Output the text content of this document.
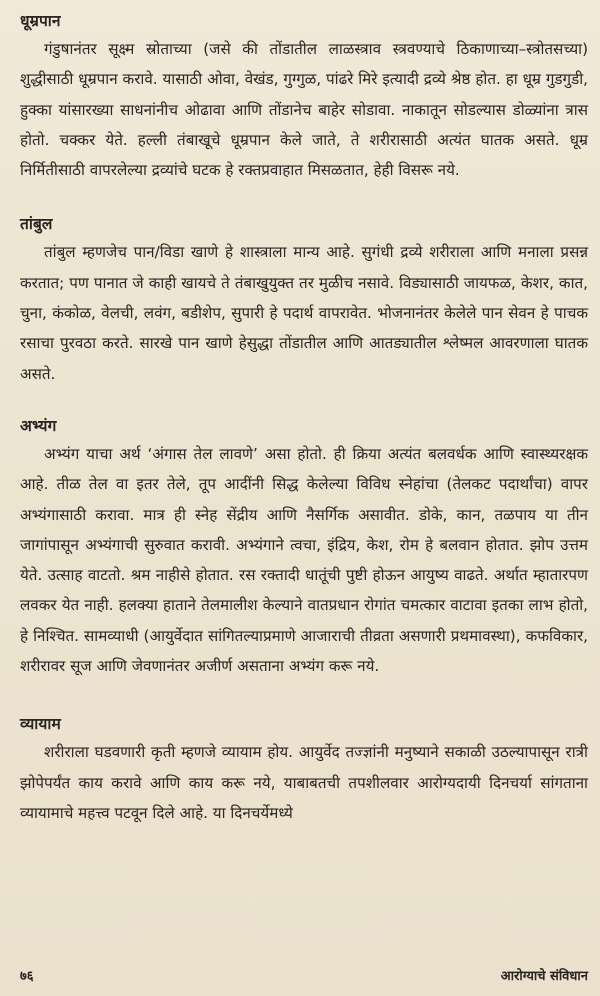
धूम्रपान

गंडुषानंतर सूक्ष्म स्रोताच्या (जसे की तोंडातील लाळस्त्राव स्त्रवण्याचे ठिकाणाच्या–स्त्रोतसच्या) शुद्धीसाठी धूम्रपान करावे. यासाठी ओवा, वेखंड, गुग्गुळ, पांढरे मिरे इत्यादी द्रव्ये श्रेष्ठ होत. हा धूम्र गुडगुडी, हुक्का यांसारख्या साधनांनीच ओढावा आणि तोंडानेच बाहेर सोडावा. नाकातून सोडल्यास डोळ्यांना त्रास होतो. चक्कर येते. हल्ली तंबाखूचे धूम्रपान केले जाते, ते शरीरासाठी अत्यंत घातक असते. धूम्र निर्मितीसाठी वापरलेल्या द्रव्यांचे घटक हे रक्तप्रवाहात मिसळतात, हेही विसरू नये.

तांबुल

तांबुल म्हणजेच पान/विडा खाणे हे शास्त्राला मान्य आहे. सुगंधी द्रव्ये शरीराला आणि मनाला प्रसन्न करतात; पण पानात जे काही खायचे ते तंबाखुयुक्त तर मुळीच नसावे. विड्यासाठी जायफळ, केशर, कात, चुना, कंकोळ, वेलची, लवंग, बडीशेप, सुपारी हे पदार्थ वापरावेत. भोजनानंतर केलेले पान सेवन हे पाचक रसाचा पुरवठा करते. सारखे पान खाणे हेसुद्धा तोंडातील आणि आतड्यातील श्लेष्मल आवरणाला घातक असते.

अभ्यंग

अभ्यंग याचा अर्थ ‘अंगास तेल लावणे’ असा होतो. ही क्रिया अत्यंत बलवर्धक आणि स्वास्थ्यरक्षक आहे. तीळ तेल वा इतर तेले, तूप आदींनी सिद्ध केलेल्या विविध स्नेहांचा (तेलकट पदार्थांचा) वापर अभ्यंगासाठी करावा. मात्र ही स्नेह सेंद्रीय आणि नैसर्गिक असावीत. डोके, कान, तळपाय या तीन जागांपासून अभ्यंगाची सुरुवात करावी. अभ्यंगाने त्वचा, इंद्रिय, केश, रोम हे बलवान होतात. झोप उत्तम येते. उत्साह वाटतो. श्रम नाहीसे होतात. रस रक्तादी धातूंची पुष्टी होऊन आयुष्य वाढते. अर्थात म्हातारपण लवकर येत नाही. हलक्या हाताने तेलमालीश केल्याने वातप्रधान रोगांत चमत्कार वाटावा इतका लाभ होतो, हे निश्चित. सामव्याधी (आयुर्वेदात सांगितल्याप्रमाणे आजाराची तीव्रता असणारी प्रथमावस्था), कफविकार, शरीरावर सूज आणि जेवणानंतर अजीर्ण असताना अभ्यंग करू नये.

व्यायाम

शरीराला घडवणारी कृती म्हणजे व्यायाम होय. आयुर्वेद तज्ज्ञांनी मनुष्याने सकाळी उठल्यापासून रात्री झोपेपर्यंत काय करावे आणि काय करू नये, याबाबतची तपशीलवार आरोग्यदायी दिनचर्या सांगताना व्यायामाचे महत्त्व पटवून दिले आहे. या दिनचर्येमध्ये

७६	आरोग्याचे संविधान
